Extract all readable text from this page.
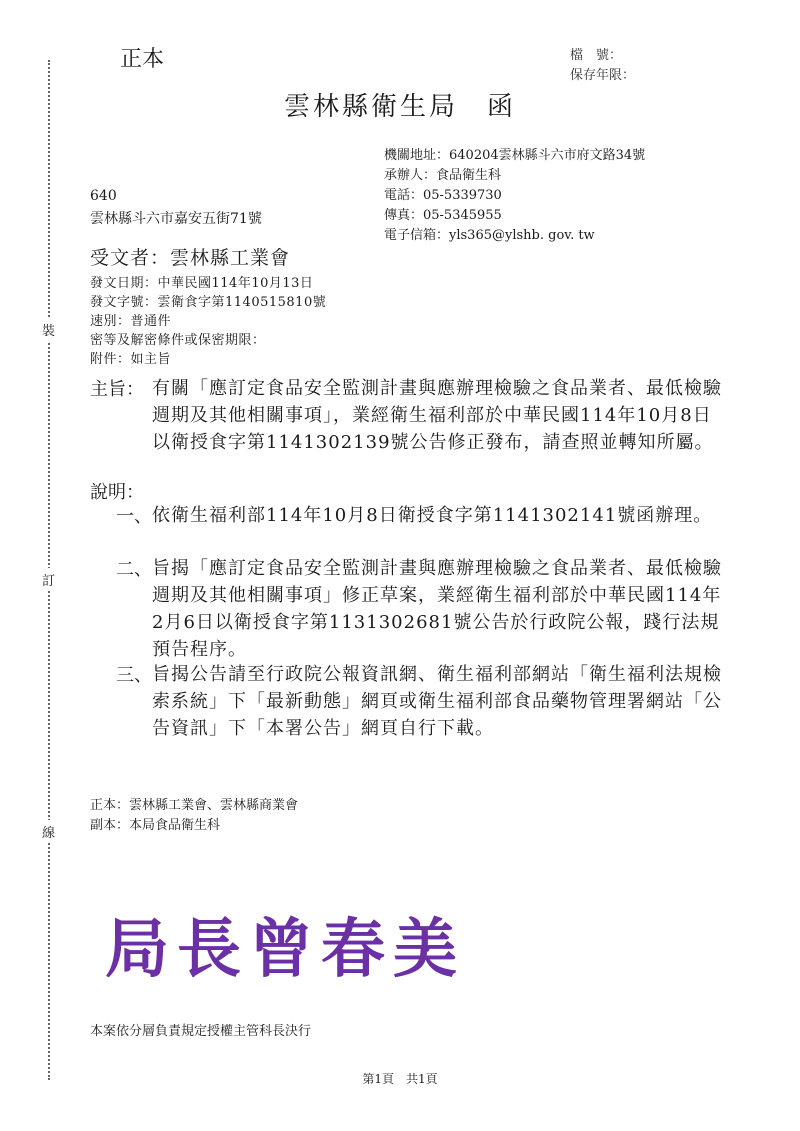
裝
訂
線
正本	檔　號：
保存年限：
雲林縣衛生局　函
機關地址：640204雲林縣斗六市府文路34號
承辦人：食品衛生科
電話：05-5339730
傳真：05-5345955
電子信箱：yls365@ylshb. gov. tw
640
雲林縣斗六市嘉安五街71號
受文者：雲林縣工業會
發文日期：中華民國114年10月13日
發文字號：雲衛食字第1140515810號
速別：普通件
密等及解密條件或保密期限：
附件：如主旨
主旨： 有關「應訂定食品安全監測計畫與應辦理檢驗之食品業者、最低檢驗週期及其他相關事項」，業經衛生福利部於中華民國114年10月8日以衛授食字第1141302139號公告修正發布，請查照並轉知所屬。
說明：
一、 依衛生福利部114年10月8日衛授食字第1141302141號函辦理。
二、 旨揭「應訂定食品安全監測計畫與應辦理檢驗之食品業者、最低檢驗週期及其他相關事項」修正草案，業經衛生福利部於中華民國114年2月6日以衛授食字第1131302681號公告於行政院公報，踐行法規預告程序。
三、 旨揭公告請至行政院公報資訊網、衛生福利部網站「衛生福利法規檢索系統」下「最新動態」網頁或衛生福利部食品藥物管理署網站「公告資訊」下「本署公告」網頁自行下載。
正本：雲林縣工業會、雲林縣商業會
副本：本局食品衛生科
局長曾春美
本案依分層負責規定授權主管科長決行
第1頁　共1頁
